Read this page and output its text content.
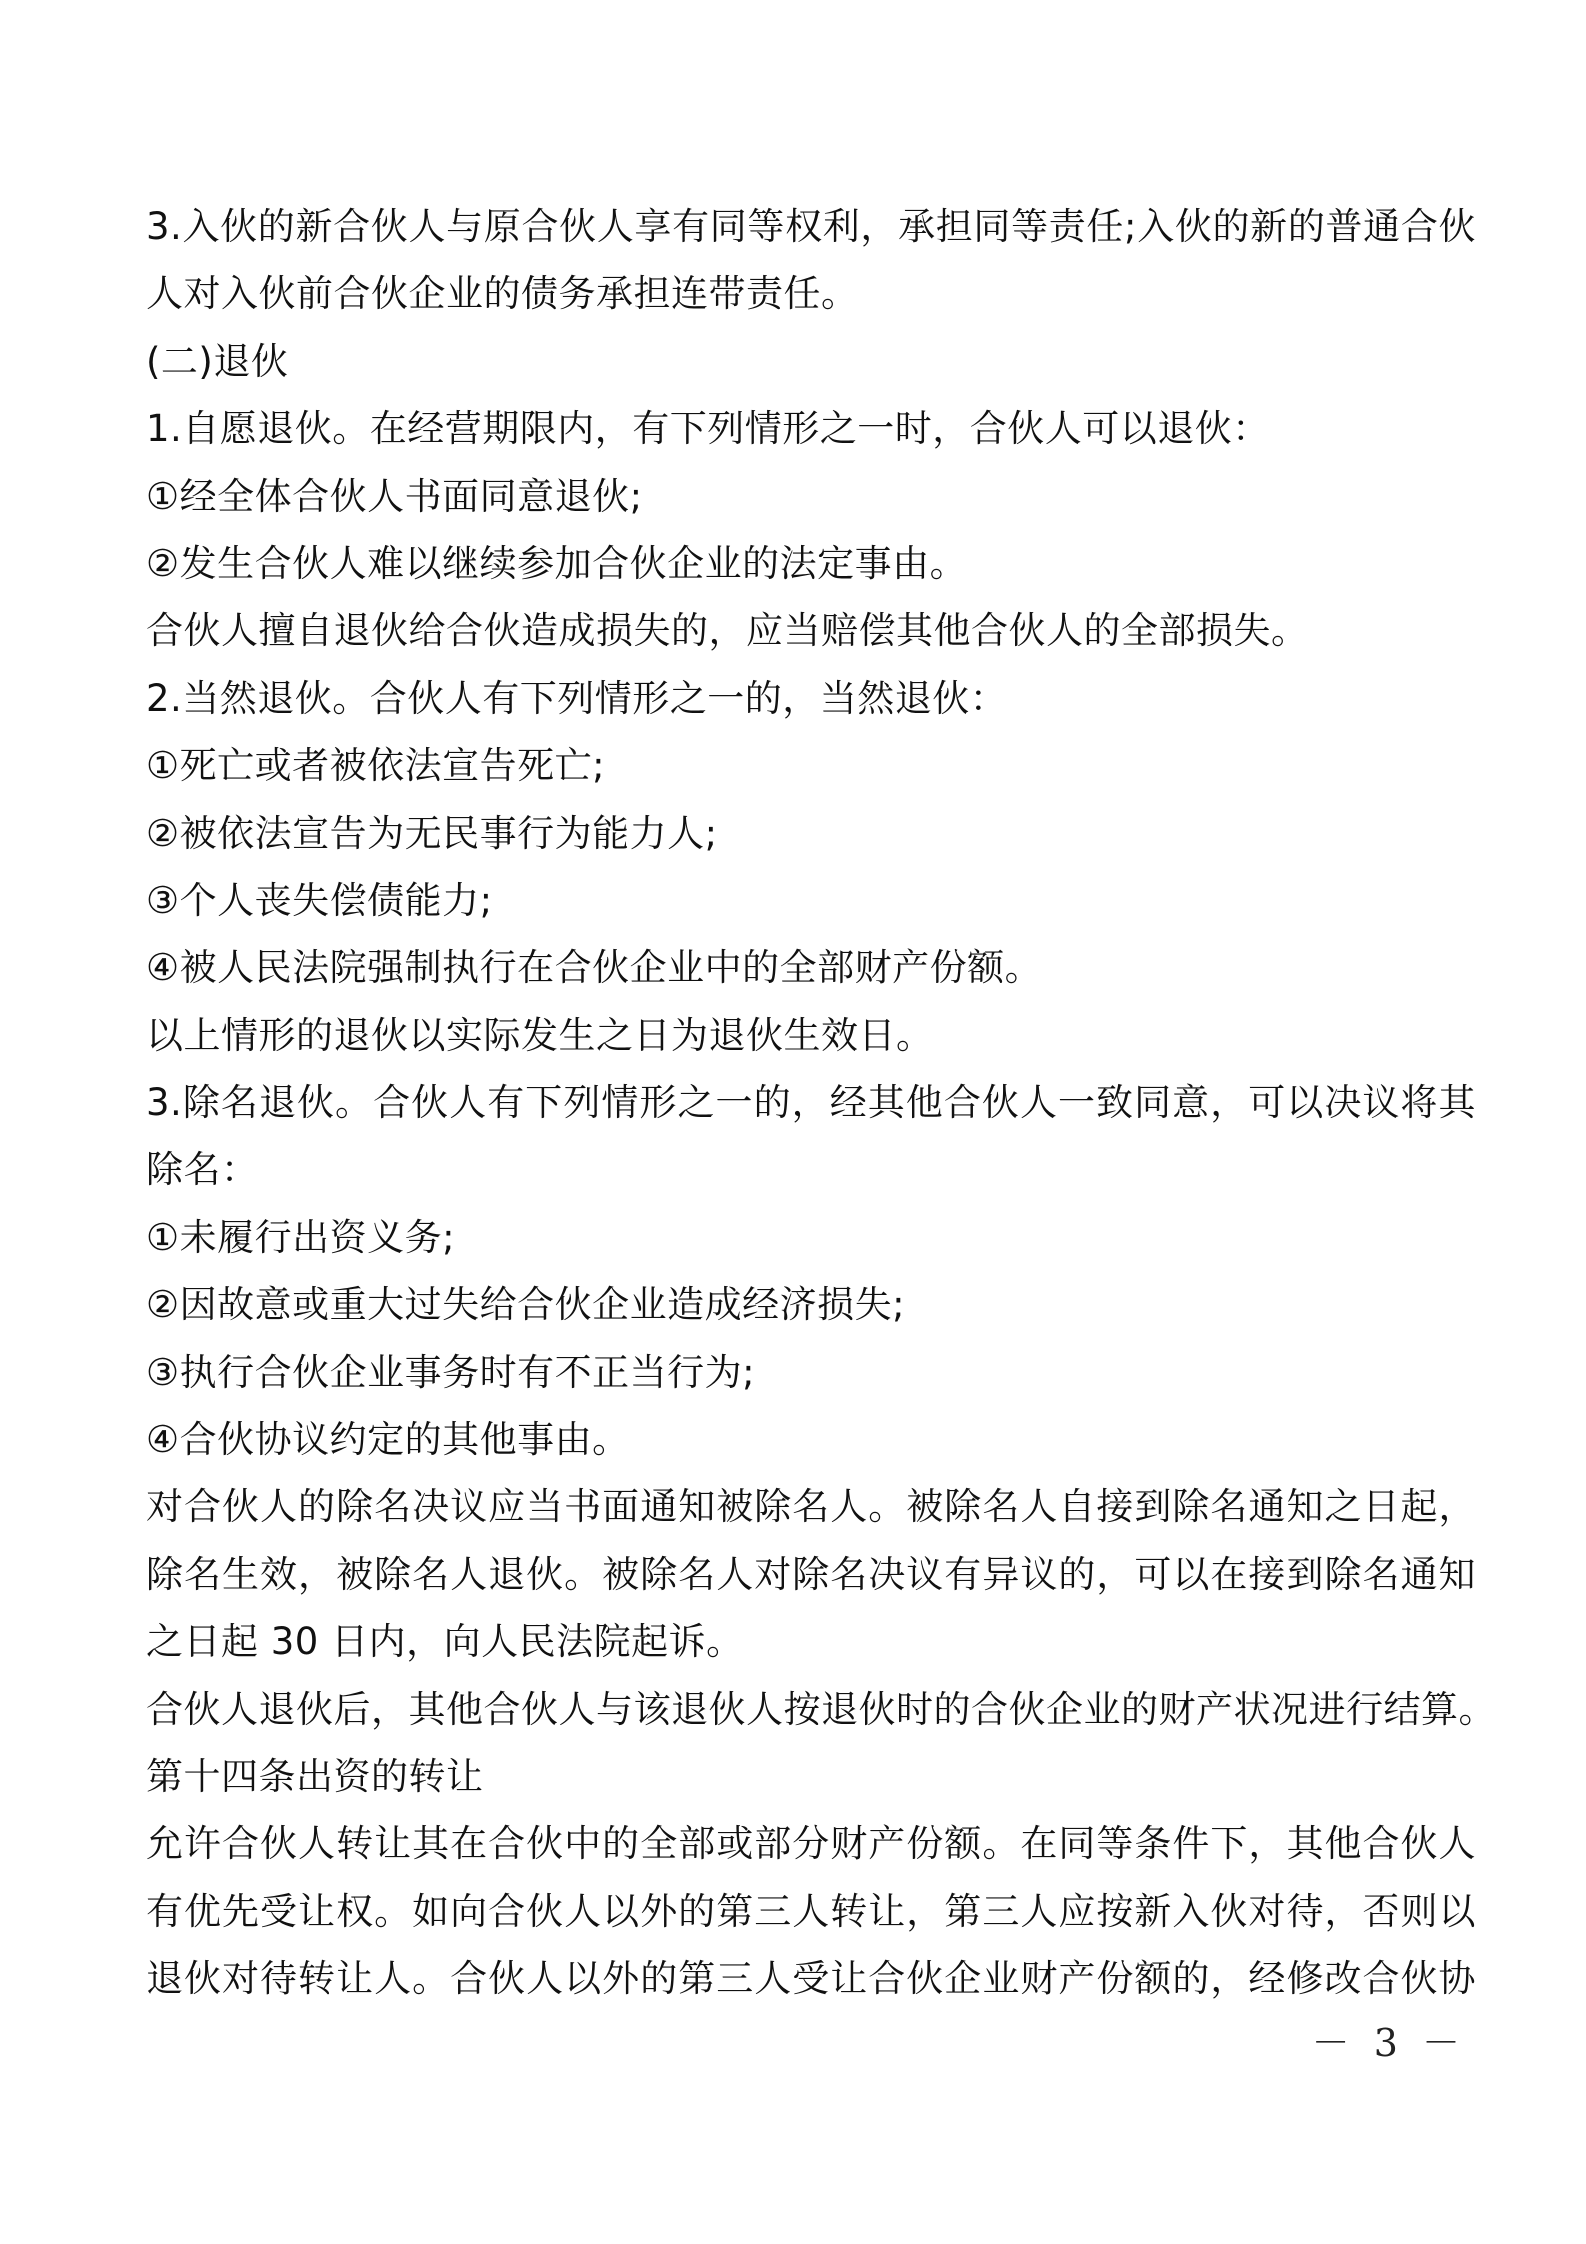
3.入伙的新合伙人与原合伙人享有同等权利，承担同等责任;入伙的新的普通合伙
人对入伙前合伙企业的债务承担连带责任。
(二)退伙
1.自愿退伙。在经营期限内，有下列情形之一时，合伙人可以退伙：
①经全体合伙人书面同意退伙;
②发生合伙人难以继续参加合伙企业的法定事由。
合伙人擅自退伙给合伙造成损失的，应当赔偿其他合伙人的全部损失。
2.当然退伙。合伙人有下列情形之一的，当然退伙：
①死亡或者被依法宣告死亡;
②被依法宣告为无民事行为能力人;
③个人丧失偿债能力;
④被人民法院强制执行在合伙企业中的全部财产份额。
以上情形的退伙以实际发生之日为退伙生效日。
3.除名退伙。合伙人有下列情形之一的，经其他合伙人一致同意，可以决议将其
除名：
①未履行出资义务;
②因故意或重大过失给合伙企业造成经济损失;
③执行合伙企业事务时有不正当行为;
④合伙协议约定的其他事由。
对合伙人的除名决议应当书面通知被除名人。被除名人自接到除名通知之日起，
除名生效，被除名人退伙。被除名人对除名决议有异议的，可以在接到除名通知
之日起 30 日内，向人民法院起诉。
合伙人退伙后，其他合伙人与该退伙人按退伙时的合伙企业的财产状况进行结算。
第十四条出资的转让
允许合伙人转让其在合伙中的全部或部分财产份额。在同等条件下，其他合伙人
有优先受让权。如向合伙人以外的第三人转让，第三人应按新入伙对待，否则以
退伙对待转让人。合伙人以外的第三人受让合伙企业财产份额的，经修改合伙协
－ 3 －
